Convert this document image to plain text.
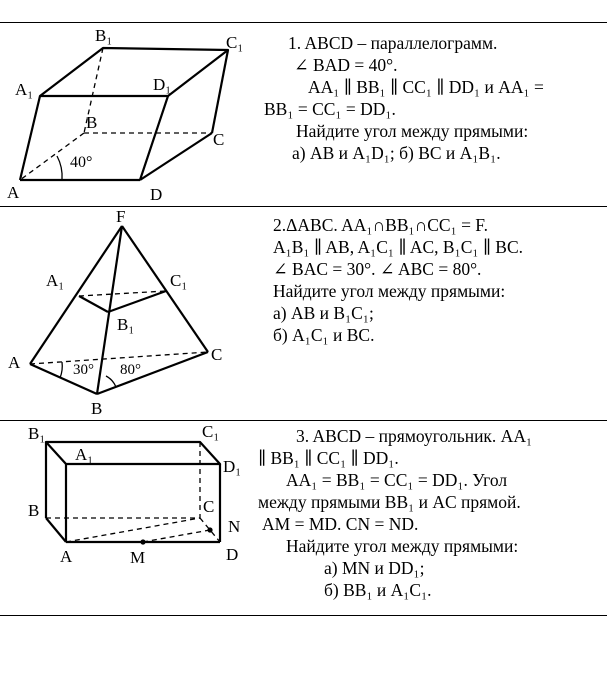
B₁	C₁
A₁	D₁
B
C
A	D
40°
1. ABCD – параллелограмм.
∠ BAD = 40°.
AA₁ ∥ BB₁ ∥ CC₁ ∥ DD₁ и AA₁ =
BB₁ = CC₁ = DD₁.
Найдите угол между прямыми:
а) AB и A₁D₁; б) BC и A₁B₁.
F
A₁	C₁
B₁
A	C
B
30° 80°
2.ΔABC. AA₁∩BB₁∩CC₁ = F.
A₁B₁ ∥ AB, A₁C₁ ∥ AC, B₁C₁ ∥ BC.
∠ BAC = 30°. ∠ ABC = 80°.
Найдите угол между прямыми:
а) AB и B₁C₁;
б) A₁C₁ и BC.
B₁	C₁
A₁
D₁
B	C
N
A	M	D
3. ABCD – прямоугольник. AA₁
∥ BB₁ ∥ CC₁ ∥ DD₁.
AA₁ = BB₁ = CC₁ = DD₁. Угол
между прямыми BB₁ и AC прямой.
AM = MD. CN = ND.
Найдите угол между прямыми:
а) MN и DD₁;
б) BB₁ и A₁C₁.
